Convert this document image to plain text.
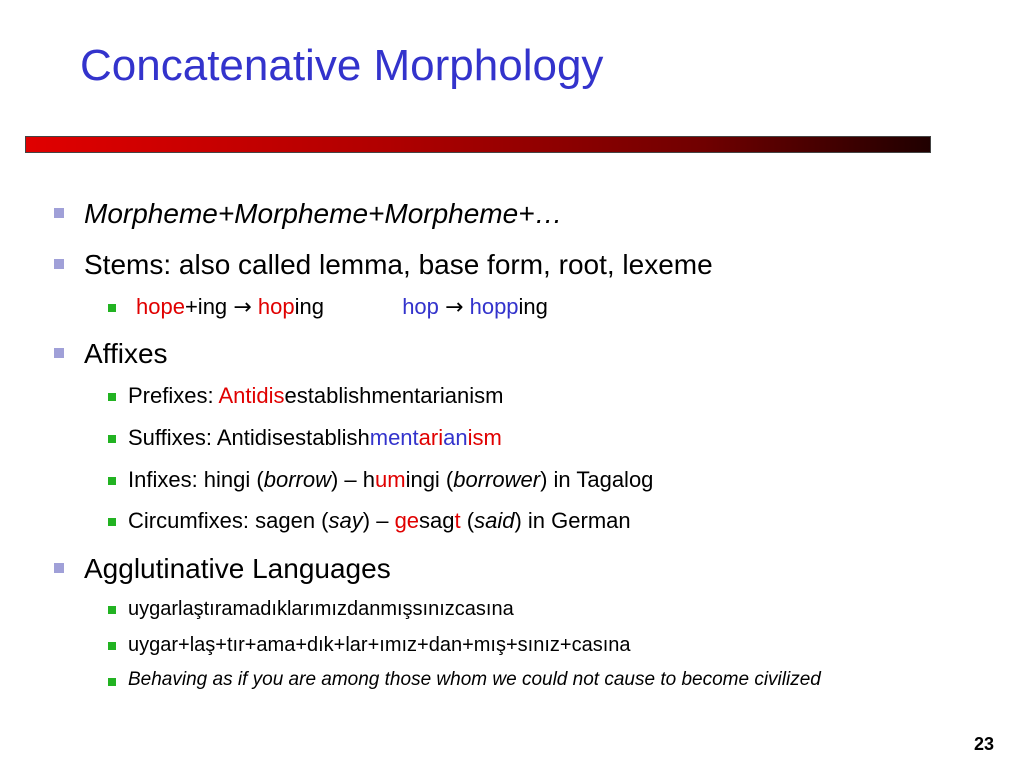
Concatenative Morphology
Morpheme+Morpheme+Morpheme+…
Stems: also called lemma, base form, root, lexeme
hope+ing → hoping	hop → hopping
Affixes
Prefixes: Antidisestablishmentarianism
Suffixes: Antidisestablishmentarianism
Infixes: hingi (borrow) – humingi (borrower) in Tagalog
Circumfixes: sagen (say) – gesagt (said) in German
Agglutinative Languages
uygarlaştıramadıklarımızdanmışsınızcasına
uygar+laş+tır+ama+dık+lar+ımız+dan+mış+sınız+casına
Behaving as if you are among those whom we could not cause to become civilized
23
